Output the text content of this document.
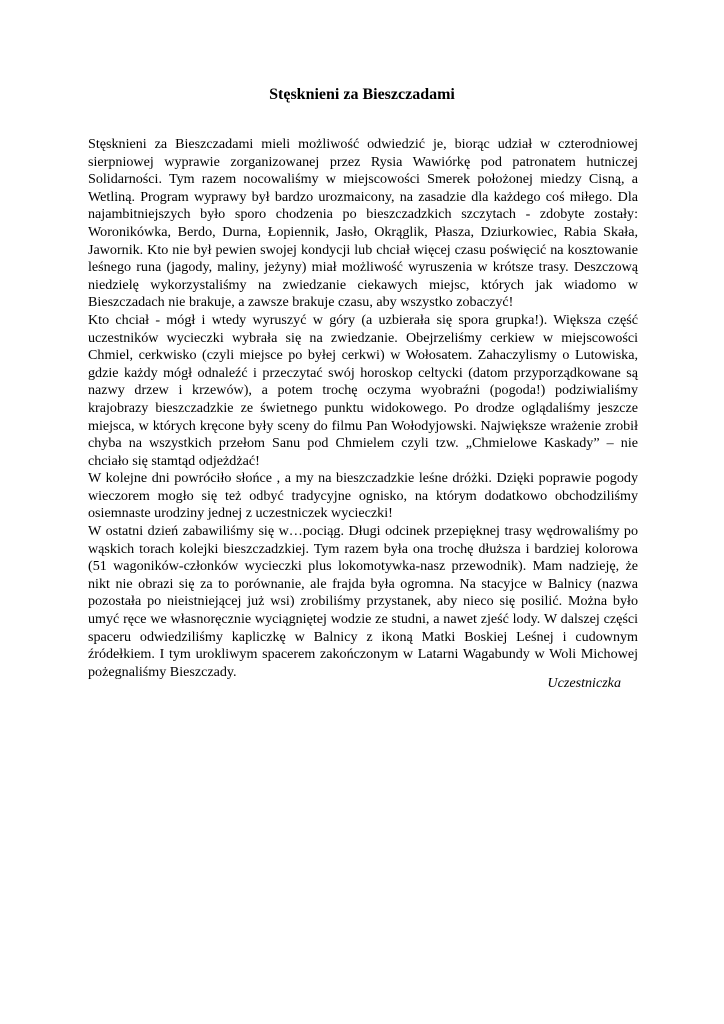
Stęsknieni za Bieszczadami

Stęsknieni za Bieszczadami mieli możliwość odwiedzić je, biorąc udział w czterodniowej sierpniowej wyprawie zorganizowanej przez Rysia Wawiórkę pod patronatem hutniczej Solidarności. Tym razem nocowaliśmy w miejscowości Smerek położonej miedzy Cisną, a Wetliną. Program wyprawy był bardzo urozmaicony, na zasadzie dla każdego coś miłego. Dla najambitniejszych było sporo chodzenia po bieszczadzkich szczytach - zdobyte zostały: Woronikówka, Berdo, Durna, Łopiennik, Jasło, Okrąglik, Płasza, Dziurkowiec, Rabia Skała, Jawornik. Kto nie był pewien swojej kondycji lub chciał więcej czasu poświęcić na kosztowanie leśnego runa (jagody, maliny, jeżyny) miał możliwość wyruszenia w krótsze trasy. Deszczową niedzielę wykorzystaliśmy na zwiedzanie ciekawych miejsc, których jak wiadomo w Bieszczadach nie brakuje, a zawsze brakuje czasu, aby wszystko zobaczyć!

Kto chciał - mógł i wtedy wyruszyć w góry (a uzbierała się spora grupka!). Większa część uczestników wycieczki wybrała się na zwiedzanie. Obejrzeliśmy cerkiew w miejscowości Chmiel, cerkwisko (czyli miejsce po byłej cerkwi) w Wołosatem. Zahaczylismy o Lutowiska, gdzie każdy mógł odnaleźć i przeczytać swój horoskop celtycki (datom przyporządkowane są nazwy drzew i krzewów), a potem trochę oczyma wyobraźni (pogoda!) podziwialiśmy krajobrazy bieszczadzkie ze świetnego punktu widokowego. Po drodze oglądaliśmy jeszcze miejsca, w których kręcone były sceny do filmu Pan Wołodyjowski. Największe wrażenie zrobił chyba na wszystkich przełom Sanu pod Chmielem czyli tzw. „Chmielowe Kaskady” – nie chciało się stamtąd odjeżdżać!

W kolejne dni powróciło słońce , a my na bieszczadzkie leśne dróżki. Dzięki poprawie pogody wieczorem mogło się też odbyć tradycyjne ognisko, na którym dodatkowo obchodziliśmy osiemnaste urodziny jednej z uczestniczek wycieczki!

W ostatni dzień zabawiliśmy się w…pociąg. Długi odcinek przepięknej trasy wędrowaliśmy po wąskich torach kolejki bieszczadzkiej. Tym razem była ona trochę dłuższa i bardziej kolorowa (51 wagoników-członków wycieczki plus lokomotywka-nasz przewodnik). Mam nadzieję, że nikt nie obrazi się za to porównanie, ale frajda była ogromna. Na stacyjce w Balnicy (nazwa pozostała po nieistniejącej już wsi) zrobiliśmy przystanek, aby nieco się posilić. Można było umyć ręce we własnoręcznie wyciągniętej wodzie ze studni, a nawet zjeść lody. W dalszej części spaceru odwiedziliśmy kapliczkę w Balnicy z ikoną Matki Boskiej Leśnej i cudownym źródełkiem. I tym urokliwym spacerem zakończonym w Latarni Wagabundy w Woli Michowej pożegnaliśmy Bieszczady.

Uczestniczka
